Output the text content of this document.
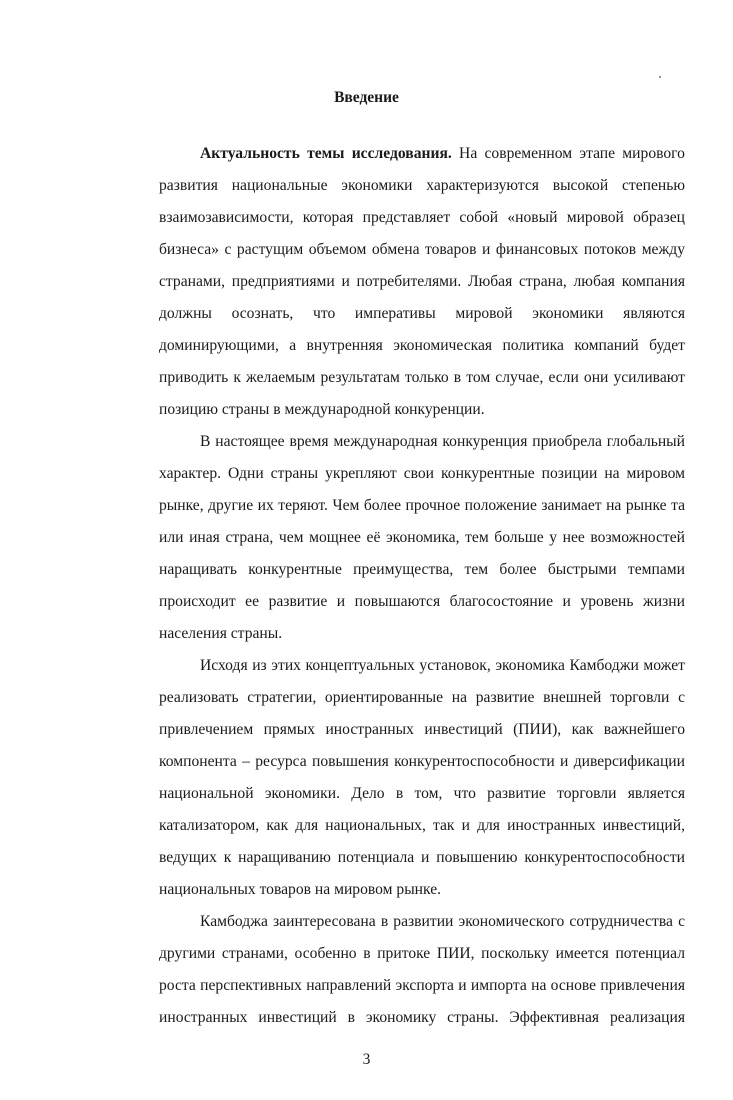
Введение
Актуальность темы исследования. На современном этапе мирового
развития национальные экономики характеризуются высокой степенью
взаимозависимости, которая представляет собой «новый мировой образец
бизнеса» с растущим объемом обмена товаров и финансовых потоков между
странами, предприятиями и потребителями. Любая страна, любая компания
должны осознать, что императивы мировой экономики являются
доминирующими, а внутренняя экономическая политика компаний будет
приводить к желаемым результатам только в том случае, если они усиливают
позицию страны в международной конкуренции.
В настоящее время международная конкуренция приобрела глобальный
характер. Одни страны укрепляют свои конкурентные позиции на мировом
рынке, другие их теряют. Чем более прочное положение занимает на рынке та
или иная страна, чем мощнее её экономика, тем больше у нее возможностей
наращивать конкурентные преимущества, тем более быстрыми темпами
происходит ее развитие и повышаются благосостояние и уровень жизни
населения страны.
Исходя из этих концептуальных установок, экономика Камбоджи может
реализовать стратегии, ориентированные на развитие внешней торговли с
привлечением прямых иностранных инвестиций (ПИИ), как важнейшего
компонента – ресурса повышения конкурентоспособности и диверсификации
национальной экономики. Дело в том, что развитие торговли является
катализатором, как для национальных, так и для иностранных инвестиций,
ведущих к наращиванию потенциала и повышению конкурентоспособности
национальных товаров на мировом рынке.
Камбоджа заинтересована в развитии экономического сотрудничества с
другими странами, особенно в притоке ПИИ, поскольку имеется потенциал
роста перспективных направлений экспорта и импорта на основе привлечения
иностранных инвестиций в экономику страны. Эффективная реализация
3
